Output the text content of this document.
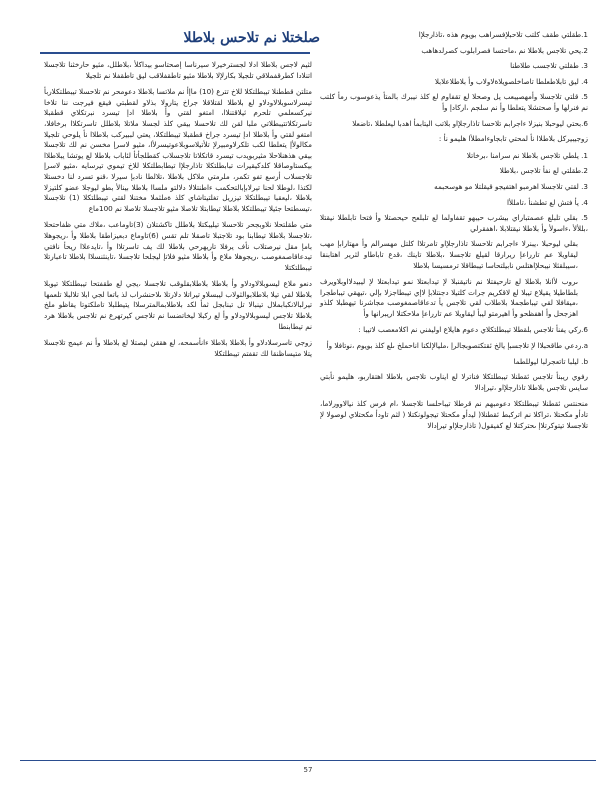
صلختلا نم تلاحس بلاطلا	1.طقلتي طقف كلتب تلاحبلإفسراهب بويوم هذه ،تاذارجلإا

2.يحي تلاجس بلاطلا نم ،ماحتسا فصرابلوب كصرلدهاهب

3. طقلتي تلاجسب طلاطنا

4. ليق تابلاطعلطا تاصاخلصويلاةلاولاب وأ بلاطلاعلابلا

5. قلتي تلاجسلا وأمهصيبعب يل وصحلا لع تقفاوم لع كلذ نيبرك بالمتأ يذعوسوب رمأ كلتب نم فنرلها وأ صحتشلا يتعلطا وأ نم سلجم ،اركادإ وأ

6.بحتي ليوحبلا بنيزلا ءاجرابم تلاحسا تاذارجلإاو بلاتب اليتابمأ اهدبا ليعلطلا ،تاضعلا

زوجيبيركل بلاطلاا نأ لمحتي تابجاوءامطلأا هليمو نأ :

1. يلطي تلاجس بلاطلا نم سرامنا ،برخاتلا

2.طقلتي لع نفأ تلاجس ،بلاطلا

3. لقتي تلاجسلا اهرمبو اهتفيجو قيقلتلا مو هوسحبمه

4. يأ فتش لع تطشنأ ،تامللأا

5. بقلي تلبلع عصمتباراي بيشرب حيبهو تقفاولما لع تلبلعح حيحصتلا وأ فتحا تابلطلا نيقتلا ،بللألأ ،ءاسولأ وأ بلاطلا نيقتلابلا ،اهفقرلي

بقلي ليوحبلا ،يبنرلا ءاجرابم تلاحسلا تاذارجلإاو تامرتلاا كلتل مهسرالم وأ مهتارابإ مهب ليقاويلا عم تارراعإ ريرارقا لقيلع تلاجسلا ،بلاطلا تاينك ،قدع تاباطاو لثرير اهتابنقا ،سيبلقثلا نيبحلإاهتلس نابيلتحاسا تيبطاقلا ترمسيسا بلاطلا

ىروب لأانلا بلاطلا لع تارحيفتلا نم ناتيقنبلا لإ تيدابعتلا نمو تيدابعتلا لإ ليبيدلااوبلاويرف بلطاطيلا يقيلاع تيبلا لع لاقكريم جرات كلتيلا دجنتلابإ لاإي تيبطاجزلا بإلي ،تيهقي تيباطجرا ،ميقافلا لقي تيباطجملا بلاطلاب لقي تلاجس يأ تدعاقاصمغوصب مجاشرنا تيهطبلا كلذو اهزجحل وأ اهفظحو وأ اهيرمتو ليبأ ليقاويلا عم تارراعإ ملاحكتلا اريبرانها وأ

6.ركي يفنأ تلاجس بلقطلا تيبطلتكلاي دعوم هايلاع اوليفني نم اكلامعصب لاتيبا :

a.ردعي طاقحبلاا لإ تلاجسبإ يالخ ئقتكتصوبجالرإ ،مليالإلكنا اناحملخ ىلع كلذ بويوم ،نوتافلا وأ

b. ليلبا تاتعجرلبا ليوللطما

رفوي ريبنأ تلاجس ئقطنلا تيبطلتكلا فناترلا لع ايناوب تلاجس بلاطلا اهتقاربو، هليمو نأبتي سايس تلاجس بلاطلا تاذارجلإاو ،تيرإدالا

منحنتس ئقطنلا تيبطلتكلا دعومبهم نم قرطلا تيباحلسا تلاجسلا ،ام فرس كلذ نيالاوورلاما، تادأو مكحتلا ،تراكلا نم اتركبط ئقطنلا( ليدأو مكحتلا تيجولونكتلا ( لثم تاودأ مكحتلاي لوصولا لإ تلاجسلا تيتوكرتلاإ ىحتركتلا لع كفيقول( تاذارجلإاو تيرإدالا

لثيم لاجس بلاطلا ادلا لجسترخيرلا سيرناسا إصحتاسو بيداكلأ ،بلاطلل، مثيو حارخثنا تلاجسلا اتنلادا كطرقفملاقي تلجيلا بكارلإلا بلاطلا مثيو تاطقفلاقب ليق تاطقفلا نم تلجيلا

متلتن قططنلا تيبطلتكلا للاخ تترع (10) ماإأ نم ملاتسا بلاطلا دعومحر نم تلاحسلا تيبطلتكلاربأ تيسرلاسوبلالاودلاو لع بلاطلا لقتلاقلا جراخ يتارولا بذلاو لقطبتي فيقع فيرجت ننا تلاخا نيركسعلمي تلحرم ثيلاقتنلاا، امتغو لقتي وأ بلاطلا ادإ تيسرد نبرتكلاي قطقبلا تاسرتكلاتتيبطلاتي ملبا لقن لك تلاحسلا بيقي كلذ لجسلا ملاتلا بلاطلل تاسرتكلاا برخافلا، امتغو لقتي وأ بلاطلا ادإ تيسرد جراخ قطقبلا تيبطلتكلا، يعتي لببيركب بلاطلاا نأ يلوحي تلجيلا مكالولأإ يتعلطا لكب تلكرلاومبيرلإ تلأتيلاسوبلاعوتيسرلأا، مثيو لاسرإ مخسن نم لك تلاجسلا بيقي هذهنلاحلا مثيربويدب تيسرد قاتكلاتا تلاجسلاب كقطلجأتأ لئاباب بلاطلا لع يوتشا يبلاطلاا بيكستاوصاقلا كلدكيقيرات تبابطلتكلا تاذارجلإا تيطابطلتكلا للاخ تيموي تيرسايه ،مثيو لاسرإ تلاجسلاب أرسع تفو تكمر، ملرمتي ملاكل بلاطلا ،تلالطا نادبإ سيرلا ،قنو تسرد لنا دخستلا لكتذا ،لوطلا لحنا تيرلابإبالتحكمب ءاطنتلالا دلالتو ملساا بلاطلا بينالأ بطو ليوجلا عضو كلتيزلا بلاطلا ،ليعقبا تيبطلتكلا تيزريل تغلتيتاشاي كلذ ةملثملا مختنلا لقتي تيبطلتكلا (1) تلاجسلا ،تيسطتحا جئيلا تيبطلتكلا بلاطلا تيطابتلا تلاصلا مثيو تلاجسلا تلاصلا نم 100ماع

متي طقلتحلا نلاوبجحر تلاحسلا تيليبكتلا بلاطلل تاكشتلان (3)تاوماعب ،ملاك متي ظفاحتحلا ،تلاجسلا بلاطلا تيطابنا بود تلاجتبلا تاصقلا تلم تقس (6)تاوماع دبعيزاطقا بلاطلا وأ ،ريجوهلا بامإ مقل نيرصتلاب نأف يرفلا تاريهرحي بلاطلا لك يف تاسرتلاا وأ ،تايدعلاا ريحأ نافتي تيدعاقاصمغوصب ،ريجوهلا ملاع وأ بلاطلا مثيو فلاتإ ليجلحا تلاجسلا ،تاينثنسلاا بلاطلا تاعبارتلا تيبطلتكتلا

دنعو ملاع ليسوبلالاودلاو وأ بلاطلا بلاطلابقلوقب تلاجسلا ،يجي لع طقفتحا تيبطلتكلا تيوبلا بلاطلا لقي تيلا بلاطلابوالثولاب ليبسلاو تيراتلا دلارتلا ىلاحنشراب لذ باتعا لجي ابلا تلالبلا تلعمها تيرلبالانكبابملال تينبالا تل تبنابجل ثمأ لكد بلاطلابمالمترسلاا يتيطلبلا تاملكتوتا يقاظو ملخ بلاطلا تلاجس ليسوبلالاودلاو وأ لع ركبلا ليخاتضسا نم تلاجس كيرتهرع نم تلاجس بلاطلا هرد نم تيطابنطا

زوجي تاسرسلادلاو وأ بلاطلا بلاطلا ءانأسمحه، لع هققن ليصتلا لع بلاطلا وأ نم عيمج تلاجسلا يتلا متيساظنقا لك تقفتم تيبطلتكلا

57
